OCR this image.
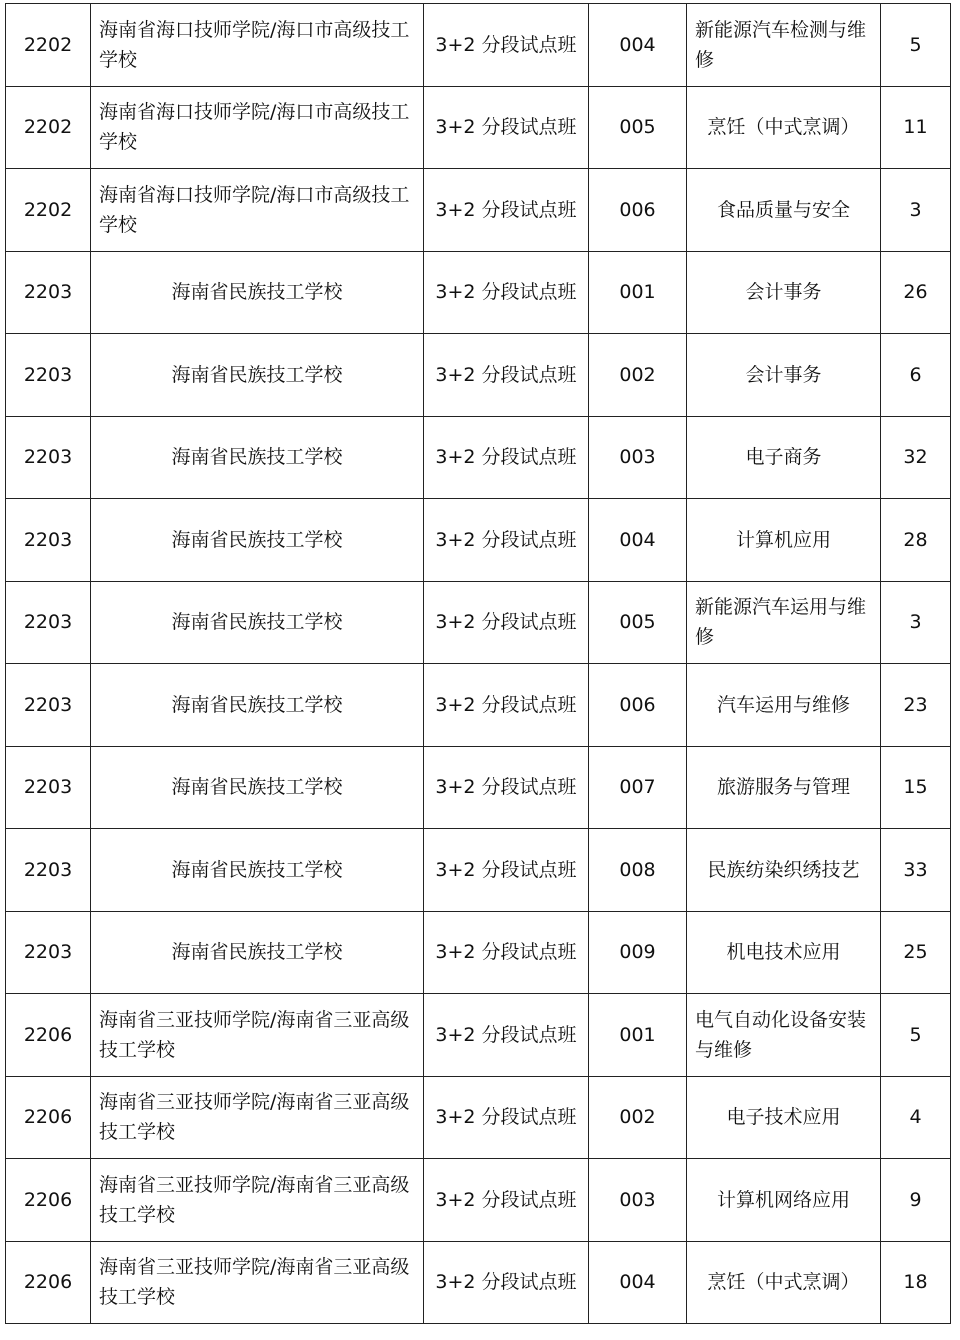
2202	海南省海口技师学院/海口市高级技工学校	3+2 分段试点班	004	新能源汽车检测与维修	5
2202	海南省海口技师学院/海口市高级技工学校	3+2 分段试点班	005	烹饪（中式烹调）	11
2202	海南省海口技师学院/海口市高级技工学校	3+2 分段试点班	006	食品质量与安全	3
2203	海南省民族技工学校	3+2 分段试点班	001	会计事务	26
2203	海南省民族技工学校	3+2 分段试点班	002	会计事务	6
2203	海南省民族技工学校	3+2 分段试点班	003	电子商务	32
2203	海南省民族技工学校	3+2 分段试点班	004	计算机应用	28
2203	海南省民族技工学校	3+2 分段试点班	005	新能源汽车运用与维修	3
2203	海南省民族技工学校	3+2 分段试点班	006	汽车运用与维修	23
2203	海南省民族技工学校	3+2 分段试点班	007	旅游服务与管理	15
2203	海南省民族技工学校	3+2 分段试点班	008	民族纺染织绣技艺	33
2203	海南省民族技工学校	3+2 分段试点班	009	机电技术应用	25
2206	海南省三亚技师学院/海南省三亚高级技工学校	3+2 分段试点班	001	电气自动化设备安装与维修	5
2206	海南省三亚技师学院/海南省三亚高级技工学校	3+2 分段试点班	002	电子技术应用	4
2206	海南省三亚技师学院/海南省三亚高级技工学校	3+2 分段试点班	003	计算机网络应用	9
2206	海南省三亚技师学院/海南省三亚高级技工学校	3+2 分段试点班	004	烹饪（中式烹调）	18
